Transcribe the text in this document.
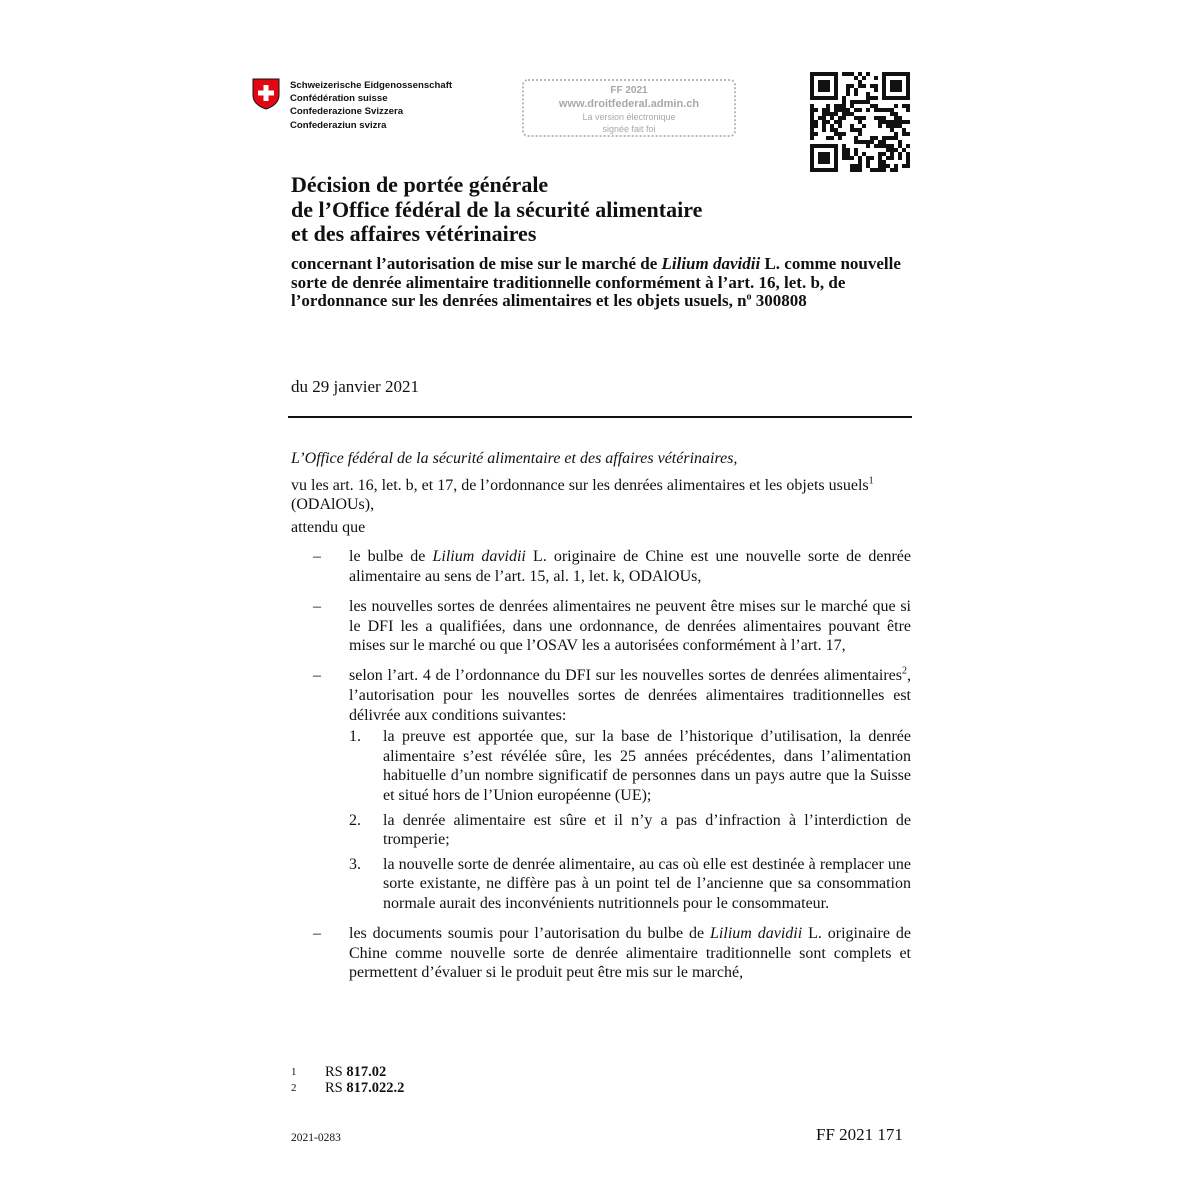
Schweizerische Eidgenossenschaft
Confédération suisse
Confederazione Svizzera
Confederaziun svizra
FF 2021
www.droitfederal.admin.ch
La version électronique
signée fait foi
Décision de portée générale
de l’Office fédéral de la sécurité alimentaire
et des affaires vétérinaires
concernant l’autorisation de mise sur le marché de Lilium davidii L. comme nouvelle sorte de denrée alimentaire traditionnelle conformément à l’art. 16, let. b, de l’ordonnance sur les denrées alimentaires et les objets usuels, $n^o$ 300808
du 29 janvier 2021

L’Office fédéral de la sécurité alimentaire et des affaires vétérinaires,

vu les art. 16, let. b, et 17, de l’ordonnance sur les denrées alimentaires et les objets usuels$^1$ (ODAlOUs),

attendu que

– le bulbe de Lilium davidii L. originaire de Chine est une nouvelle sorte de denrée alimentaire au sens de l’art. 15, al. 1, let. k, ODAlOUs,
– les nouvelles sortes de denrées alimentaires ne peuvent être mises sur le marché que si le DFI les a qualifiées, dans une ordonnance, de denrées alimentaires pouvant être mises sur le marché ou que l’OSAV les a autorisées conformément à l’art. 17,
– selon l’art. 4 de l’ordonnance du DFI sur les nouvelles sortes de denrées alimentaires$^2$, l’autorisation pour les nouvelles sortes de denrées alimentaires traditionnelles est délivrée aux conditions suivantes:
1. la preuve est apportée que, sur la base de l’historique d’utilisation, la denrée alimentaire s’est révélée sûre, les 25 années précédentes, dans l’alimentation habituelle d’un nombre significatif de personnes dans un pays autre que la Suisse et situé hors de l’Union européenne (UE);
2. la denrée alimentaire est sûre et il n’y a pas d’infraction à l’interdiction de tromperie;
3. la nouvelle sorte de denrée alimentaire, au cas où elle est destinée à remplacer une sorte existante, ne diffère pas à un point tel de l’ancienne que sa consommation normale aurait des inconvénients nutritionnels pour le consommateur.
– les documents soumis pour l’autorisation du bulbe de Lilium davidii L. originaire de Chine comme nouvelle sorte de denrée alimentaire traditionnelle sont complets et permettent d’évaluer si le produit peut être mis sur le marché,
1 RS 817.02
2 RS 817.022.2
2021-0283	FF 2021 171
